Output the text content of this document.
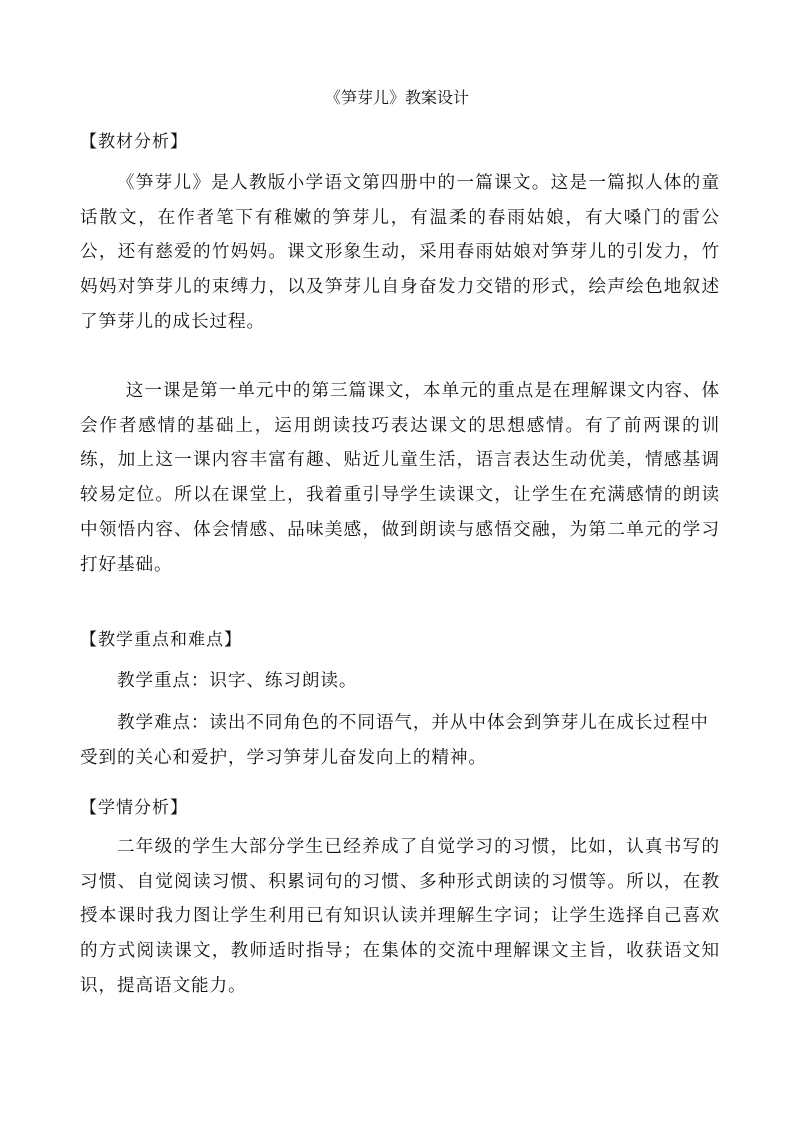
《笋芽儿》教案设计
【教材分析】

《笋芽儿》是人教版小学语文第四册中的一篇课文。这是一篇拟人体的童话散文，在作者笔下有稚嫩的笋芽儿，有温柔的春雨姑娘，有大嗓门的雷公公，还有慈爱的竹妈妈。课文形象生动，采用春雨姑娘对笋芽儿的引发力，竹妈妈对笋芽儿的束缚力，以及笋芽儿自身奋发力交错的形式，绘声绘色地叙述了笋芽儿的成长过程。

这一课是第一单元中的第三篇课文，本单元的重点是在理解课文内容、体会作者感情的基础上，运用朗读技巧表达课文的思想感情。有了前两课的训练，加上这一课内容丰富有趣、贴近儿童生活，语言表达生动优美，情感基调较易定位。所以在课堂上，我着重引导学生读课文，让学生在充满感情的朗读中领悟内容、体会情感、品味美感，做到朗读与感悟交融，为第二单元的学习打好基础。

【教学重点和难点】

教学重点：识字、练习朗读。

教学难点：读出不同角色的不同语气，并从中体会到笋芽儿在成长过程中受到的关心和爱护，学习笋芽儿奋发向上的精神。

【学情分析】

二年级的学生大部分学生已经养成了自觉学习的习惯，比如，认真书写的习惯、自觉阅读习惯、积累词句的习惯、多种形式朗读的习惯等。所以，在教授本课时我力图让学生利用已有知识认读并理解生字词；让学生选择自己喜欢的方式阅读课文，教师适时指导；在集体的交流中理解课文主旨，收获语文知识，提高语文能力。
